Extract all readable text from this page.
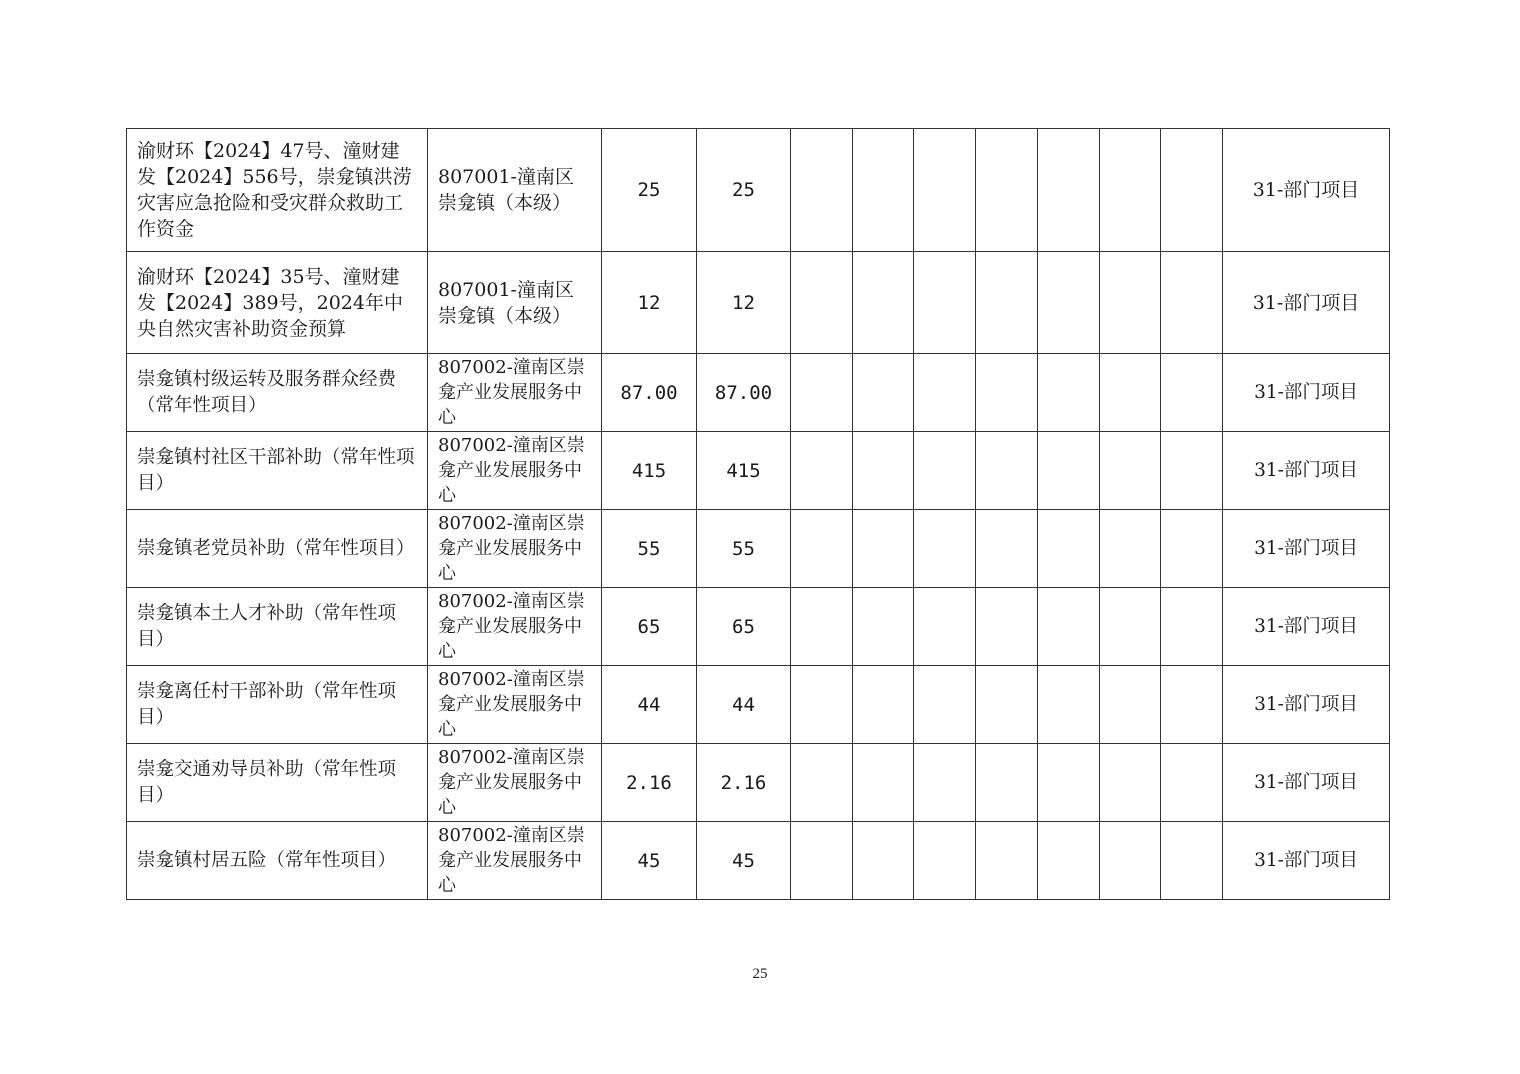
渝财环【2024】47号、潼财建发【2024】556号，崇龛镇洪涝灾害应急抢险和受灾群众救助工作资金	807001-潼南区崇龛镇（本级）	25	25								31-部门项目
渝财环【2024】35号、潼财建发【2024】389号，2024年中央自然灾害补助资金预算	807001-潼南区崇龛镇（本级）	12	12								31-部门项目
崇龛镇村级运转及服务群众经费（常年性项目）	807002-潼南区崇龛产业发展服务中心	87.00	87.00								31-部门项目
崇龛镇村社区干部补助（常年性项目）	807002-潼南区崇龛产业发展服务中心	415	415								31-部门项目
崇龛镇老党员补助（常年性项目）	807002-潼南区崇龛产业发展服务中心	55	55								31-部门项目
崇龛镇本土人才补助（常年性项目）	807002-潼南区崇龛产业发展服务中心	65	65								31-部门项目
崇龛离任村干部补助（常年性项目）	807002-潼南区崇龛产业发展服务中心	44	44								31-部门项目
崇龛交通劝导员补助（常年性项目）	807002-潼南区崇龛产业发展服务中心	2.16	2.16								31-部门项目
崇龛镇村居五险（常年性项目）	807002-潼南区崇龛产业发展服务中心	45	45								31-部门项目
25
